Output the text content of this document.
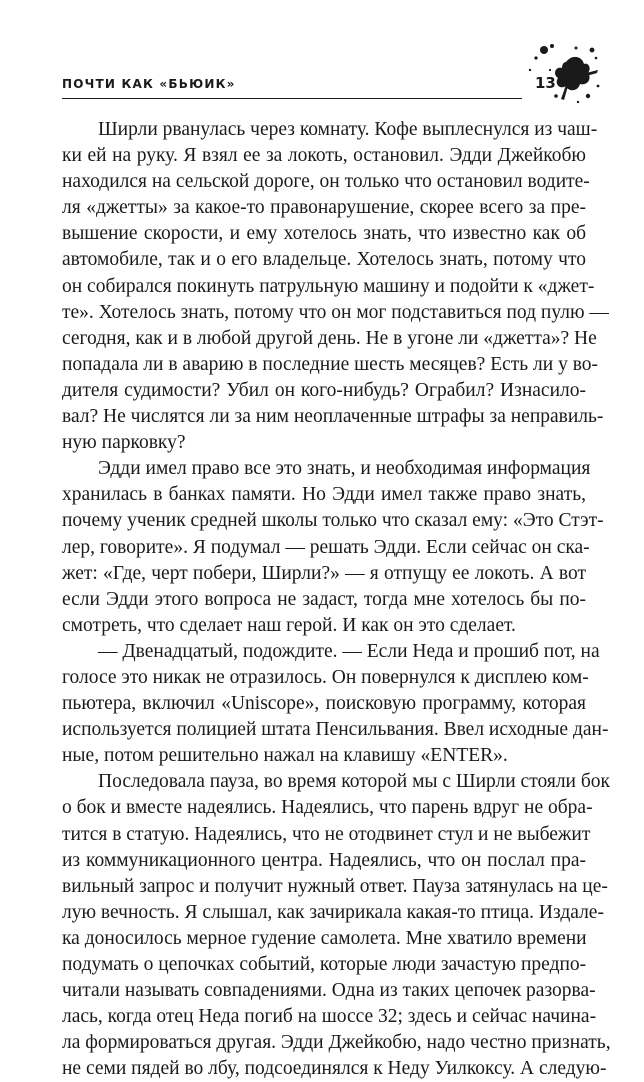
ПОЧТИ КАК «БЬЮИК»	13
Ширли рванулась через комнату. Кофе выплеснулся из чаш-
ки ей на руку. Я взял ее за локоть, остановил. Эдди Джейкобю
находился на сельской дороге, он только что остановил водите-
ля «джетты» за какое-то правонарушение, скорее всего за пре-
вышение скорости, и ему хотелось знать, что известно как об
автомобиле, так и о его владельце. Хотелось знать, потому что
он собирался покинуть патрульную машину и подойти к «джет-
те». Хотелось знать, потому что он мог подставиться под пулю —
сегодня, как и в любой другой день. Не в угоне ли «джетта»? Не
попадала ли в аварию в последние шесть месяцев? Есть ли у во-
дителя судимости? Убил он кого-нибудь? Ограбил? Изнасило-
вал? Не числятся ли за ним неоплаченные штрафы за неправиль-
ную парковку?
Эдди имел право все это знать, и необходимая информация
хранилась в банках памяти. Но Эдди имел также право знать,
почему ученик средней школы только что сказал ему: «Это Стэт-
лер, говорите». Я подумал — решать Эдди. Если сейчас он ска-
жет: «Где, черт побери, Ширли?» — я отпущу ее локоть. А вот
если Эдди этого вопроса не задаст, тогда мне хотелось бы по-
смотреть, что сделает наш герой. И как он это сделает.
— Двенадцатый, подождите. — Если Неда и прошиб пот, на
голосе это никак не отразилось. Он повернулся к дисплею ком-
пьютера, включил «Uniscope», поисковую программу, которая
используется полицией штата Пенсильвания. Ввел исходные дан-
ные, потом решительно нажал на клавишу «ENTER».
Последовала пауза, во время которой мы с Ширли стояли бок
о бок и вместе надеялись. Надеялись, что парень вдруг не обра-
тится в статую. Надеялись, что не отодвинет стул и не выбежит
из коммуникационного центра. Надеялись, что он послал пра-
вильный запрос и получит нужный ответ. Пауза затянулась на це-
лую вечность. Я слышал, как зачирикала какая-то птица. Издале-
ка доносилось мерное гудение самолета. Мне хватило времени
подумать о цепочках событий, которые люди зачастую предпо-
читали называть совпадениями. Одна из таких цепочек разорва-
лась, когда отец Неда погиб на шоссе 32; здесь и сейчас начина-
ла формироваться другая. Эдди Джейкобю, надо честно признать,
не семи пядей во лбу, подсоединялся к Неду Уилкоксу. А следую-
